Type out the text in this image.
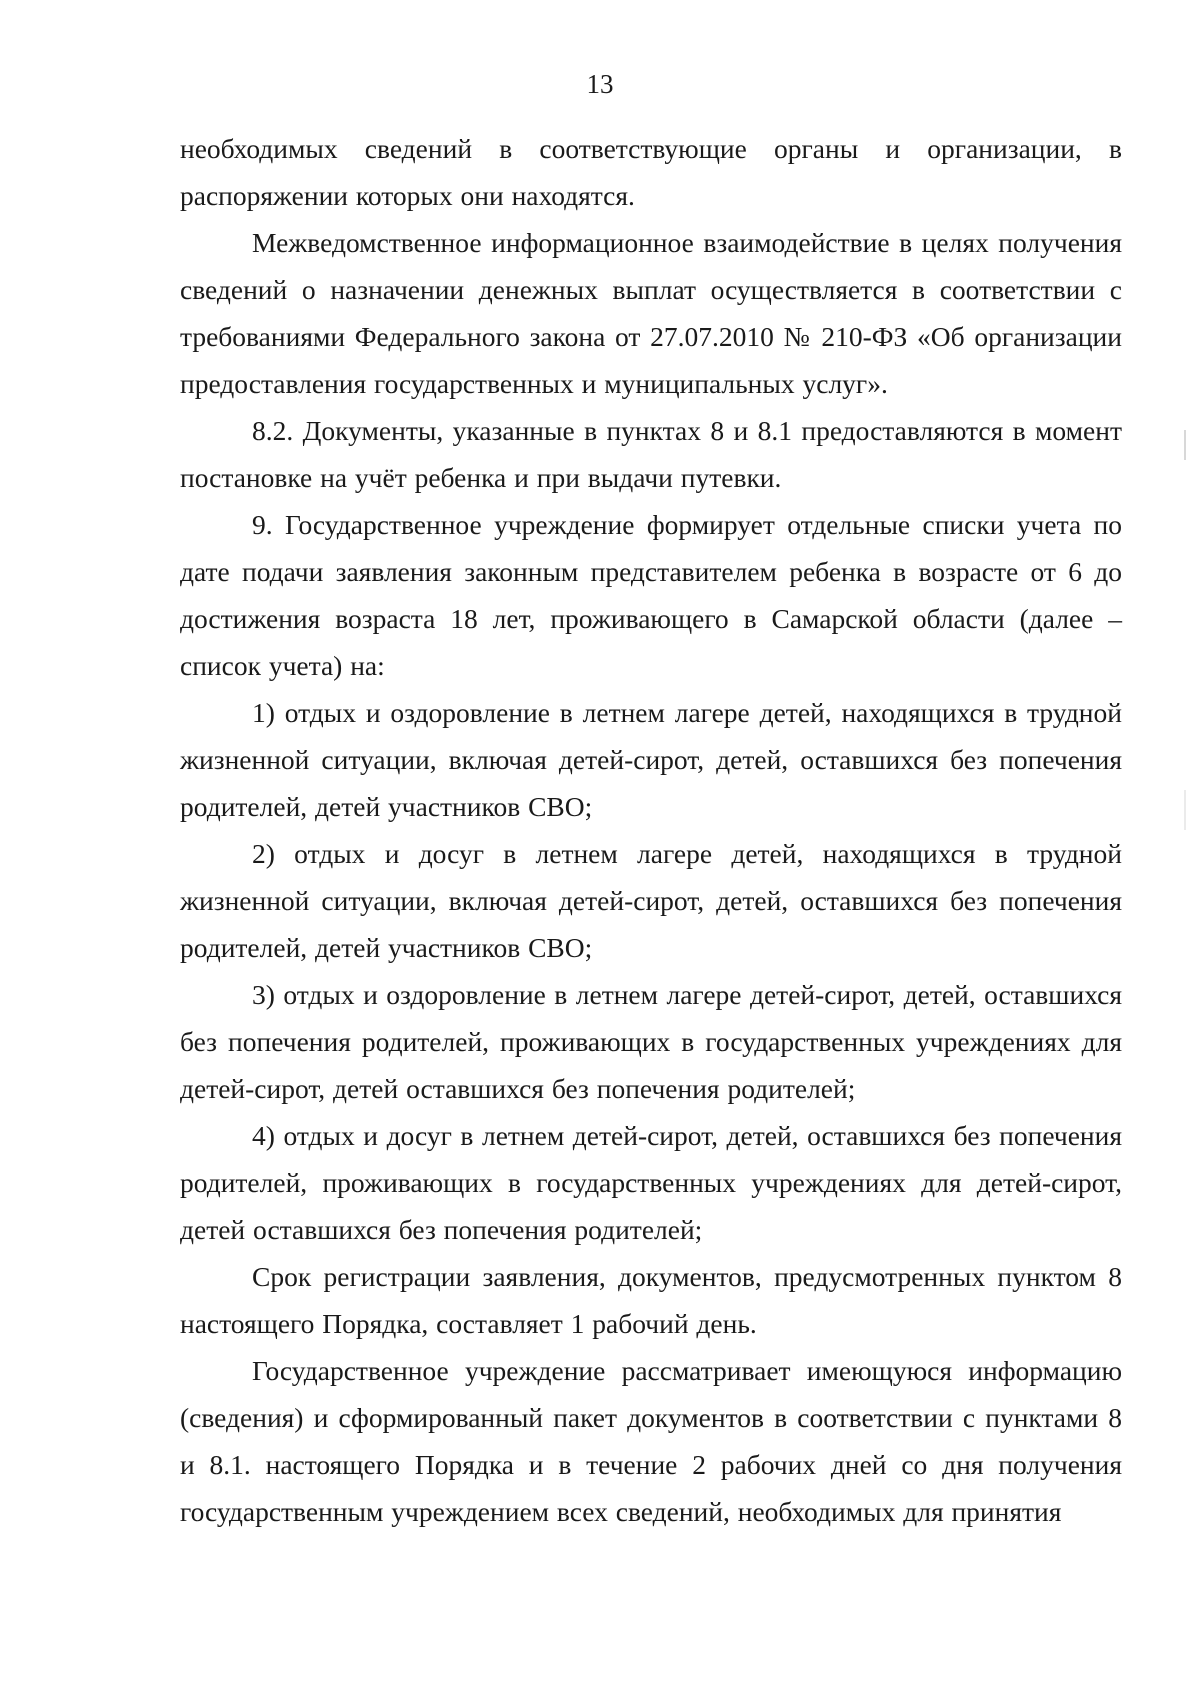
13

необходимых сведений в соответствующие органы и организации, в распоряжении которых они находятся.

Межведомственное информационное взаимодействие в целях получения сведений о назначении денежных выплат осуществляется в соответствии с требованиями Федерального закона от 27.07.2010 № 210-ФЗ «Об организации предоставления государственных и муниципальных услуг».

8.2. Документы, указанные в пунктах 8 и 8.1 предоставляются в момент постановке на учёт ребенка и при выдачи путевки.

9. Государственное учреждение формирует отдельные списки учета по дате подачи заявления законным представителем ребенка в возрасте от 6 до достижения возраста 18 лет, проживающего в Самарской области (далее – список учета) на:

1) отдых и оздоровление в летнем лагере детей, находящихся в трудной жизненной ситуации, включая детей-сирот, детей, оставшихся без попечения родителей, детей участников СВО;

2) отдых и досуг в летнем лагере детей, находящихся в трудной жизненной ситуации, включая детей-сирот, детей, оставшихся без попечения родителей, детей участников СВО;

3) отдых и оздоровление в летнем лагере детей-сирот, детей, оставшихся без попечения родителей, проживающих в государственных учреждениях для детей-сирот, детей оставшихся без попечения родителей;

4) отдых и досуг в летнем детей-сирот, детей, оставшихся без попечения родителей, проживающих в государственных учреждениях для детей-сирот, детей оставшихся без попечения родителей;

Срок регистрации заявления, документов, предусмотренных пунктом 8 настоящего Порядка, составляет 1 рабочий день.

Государственное учреждение рассматривает имеющуюся информацию (сведения) и сформированный пакет документов в соответствии с пунктами 8 и 8.1. настоящего Порядка и в течение 2 рабочих дней со дня получения государственным учреждением всех сведений, необходимых для принятия
